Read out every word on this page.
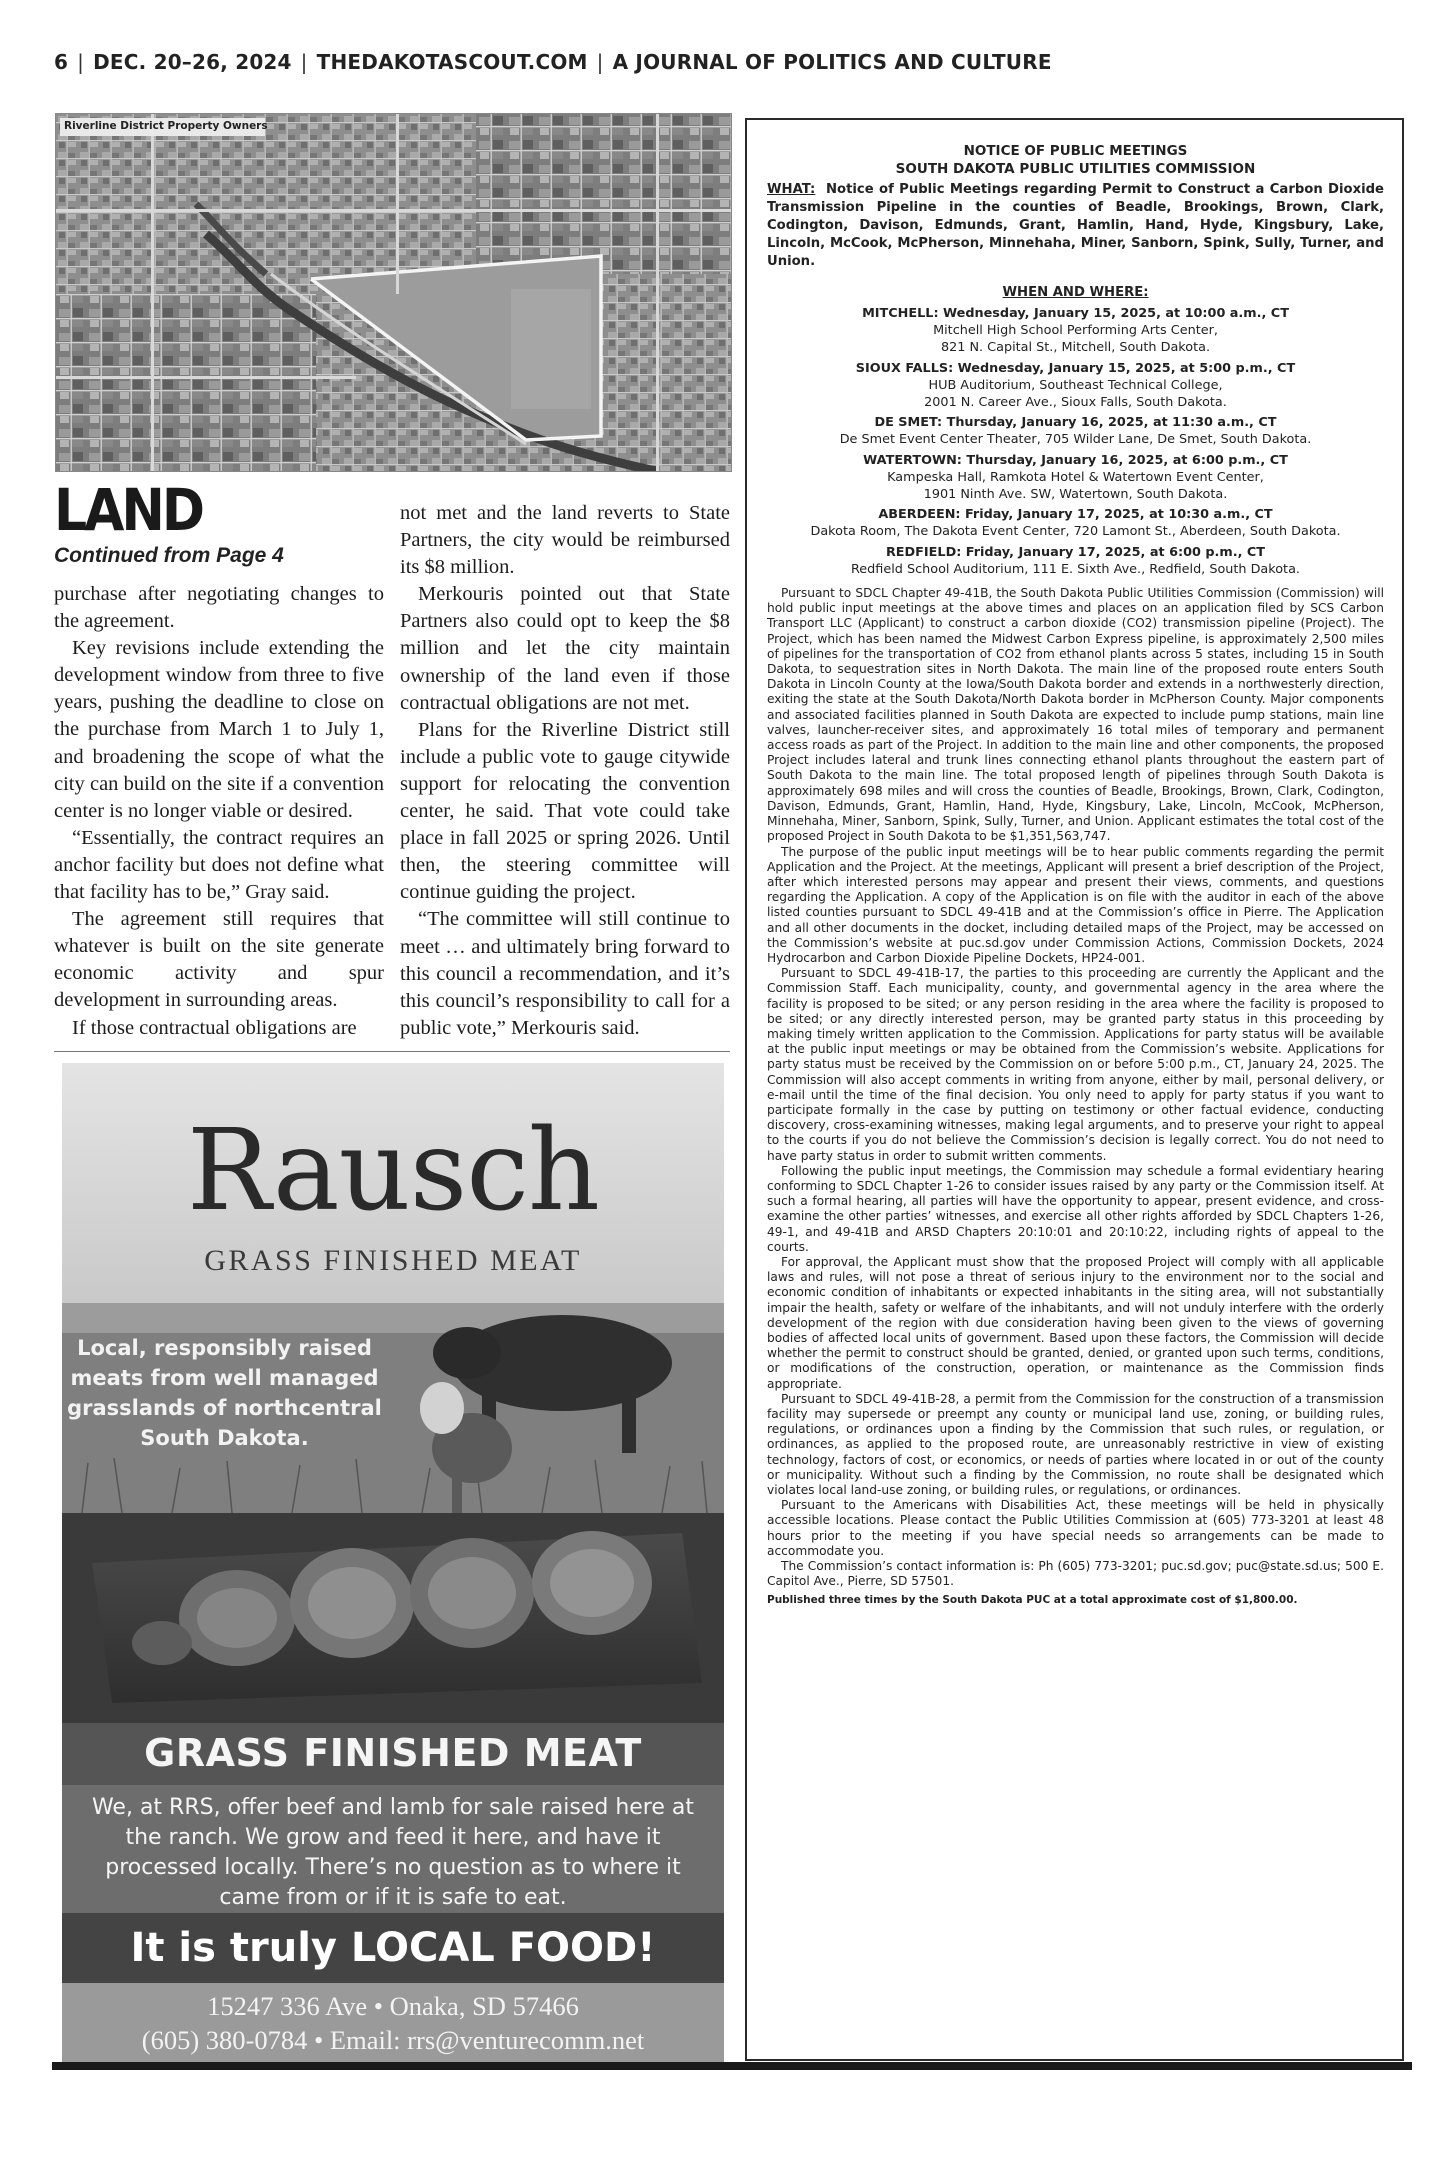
6 | DEC. 20–26, 2024 | THEDAKOTASCOUT.COM | A JOURNAL OF POLITICS AND CULTURE
Riverline District Property Owners
LAND
Continued from Page 4

purchase after negotiating changes to the agreement.

Key revisions include extending the development window from three to five years, pushing the deadline to close on the purchase from March 1 to July 1, and broadening the scope of what the city can build on the site if a convention center is no longer viable or desired.

“Essentially, the contract requires an anchor facility but does not define what that facility has to be,” Gray said.

The agreement still requires that whatever is built on the site generate economic activity and spur development in surrounding areas.

If those contractual obligations are

not met and the land reverts to State Partners, the city would be reimbursed its $8 million.

Merkouris pointed out that State Partners also could opt to keep the $8 million and let the city maintain ownership of the land even if those contractual obligations are not met.

Plans for the Riverline District still include a public vote to gauge citywide support for relocating the convention center, he said. That vote could take place in fall 2025 or spring 2026. Until then, the steering committee will continue guiding the project.

“The committee will still continue to meet … and ultimately bring forward to this council a recommendation, and it’s this council’s responsibility to call for a public vote,” Merkouris said.

Rausch
GRASS FINISHED MEAT
Local, responsibly raised meats from well managed grasslands of northcentral South Dakota.
GRASS FINISHED MEAT
We, at RRS, offer beef and lamb for sale raised here at the ranch. We grow and feed it here, and have it processed locally. There’s no question as to where it came from or if it is safe to eat.
It is truly LOCAL FOOD!
15247 336 Ave • Onaka, SD 57466
(605) 380-0784 • Email: rrs@venturecomm.net
NOTICE OF PUBLIC MEETINGS
SOUTH DAKOTA PUBLIC UTILITIES COMMISSION
WHAT: Notice of Public Meetings regarding Permit to Construct a Carbon Dioxide Transmission Pipeline in the counties of Beadle, Brookings, Brown, Clark, Codington, Davison, Edmunds, Grant, Hamlin, Hand, Hyde, Kingsbury, Lake, Lincoln, McCook, McPherson, Minnehaha, Miner, Sanborn, Spink, Sully, Turner, and Union.
WHEN AND WHERE:
MITCHELL: Wednesday, January 15, 2025, at 10:00 a.m., CT
Mitchell High School Performing Arts Center,
821 N. Capital St., Mitchell, South Dakota.
SIOUX FALLS: Wednesday, January 15, 2025, at 5:00 p.m., CT
HUB Auditorium, Southeast Technical College,
2001 N. Career Ave., Sioux Falls, South Dakota.
DE SMET: Thursday, January 16, 2025, at 11:30 a.m., CT
De Smet Event Center Theater, 705 Wilder Lane, De Smet, South Dakota.
WATERTOWN: Thursday, January 16, 2025, at 6:00 p.m., CT
Kampeska Hall, Ramkota Hotel & Watertown Event Center,
1901 Ninth Ave. SW, Watertown, South Dakota.
ABERDEEN: Friday, January 17, 2025, at 10:30 a.m., CT
Dakota Room, The Dakota Event Center, 720 Lamont St., Aberdeen, South Dakota.
REDFIELD: Friday, January 17, 2025, at 6:00 p.m., CT
Redfield School Auditorium, 111 E. Sixth Ave., Redfield, South Dakota.

Pursuant to SDCL Chapter 49-41B, the South Dakota Public Utilities Commission (Commission) will hold public input meetings at the above times and places on an application filed by SCS Carbon Transport LLC (Applicant) to construct a carbon dioxide (CO2) transmission pipeline (Project). The Project, which has been named the Midwest Carbon Express pipeline, is approximately 2,500 miles of pipelines for the transportation of CO2 from ethanol plants across 5 states, including 15 in South Dakota, to sequestration sites in North Dakota. The main line of the proposed route enters South Dakota in Lincoln County at the Iowa/South Dakota border and extends in a northwesterly direction, exiting the state at the South Dakota/North Dakota border in McPherson County. Major components and associated facilities planned in South Dakota are expected to include pump stations, main line valves, launcher-receiver sites, and approximately 16 total miles of temporary and permanent access roads as part of the Project. In addition to the main line and other components, the proposed Project includes lateral and trunk lines connecting ethanol plants throughout the eastern part of South Dakota to the main line. The total proposed length of pipelines through South Dakota is approximately 698 miles and will cross the counties of Beadle, Brookings, Brown, Clark, Codington, Davison, Edmunds, Grant, Hamlin, Hand, Hyde, Kingsbury, Lake, Lincoln, McCook, McPherson, Minnehaha, Miner, Sanborn, Spink, Sully, Turner, and Union. Applicant estimates the total cost of the proposed Project in South Dakota to be $1,351,563,747.

The purpose of the public input meetings will be to hear public comments regarding the permit Application and the Project. At the meetings, Applicant will present a brief description of the Project, after which interested persons may appear and present their views, comments, and questions regarding the Application. A copy of the Application is on file with the auditor in each of the above listed counties pursuant to SDCL 49-41B and at the Commission’s office in Pierre. The Application and all other documents in the docket, including detailed maps of the Project, may be accessed on the Commission’s website at puc.sd.gov under Commission Actions, Commission Dockets, 2024 Hydrocarbon and Carbon Dioxide Pipeline Dockets, HP24-001.

Pursuant to SDCL 49-41B-17, the parties to this proceeding are currently the Applicant and the Commission Staff. Each municipality, county, and governmental agency in the area where the facility is proposed to be sited; or any person residing in the area where the facility is proposed to be sited; or any directly interested person, may be granted party status in this proceeding by making timely written application to the Commission. Applications for party status will be available at the public input meetings or may be obtained from the Commission’s website. Applications for party status must be received by the Commission on or before 5:00 p.m., CT, January 24, 2025. The Commission will also accept comments in writing from anyone, either by mail, personal delivery, or e-mail until the time of the final decision. You only need to apply for party status if you want to participate formally in the case by putting on testimony or other factual evidence, conducting discovery, cross-examining witnesses, making legal arguments, and to preserve your right to appeal to the courts if you do not believe the Commission’s decision is legally correct. You do not need to have party status in order to submit written comments.

Following the public input meetings, the Commission may schedule a formal evidentiary hearing conforming to SDCL Chapter 1-26 to consider issues raised by any party or the Commission itself. At such a formal hearing, all parties will have the opportunity to appear, present evidence, and cross-examine the other parties’ witnesses, and exercise all other rights afforded by SDCL Chapters 1-26, 49-1, and 49-41B and ARSD Chapters 20:10:01 and 20:10:22, including rights of appeal to the courts.

For approval, the Applicant must show that the proposed Project will comply with all applicable laws and rules, will not pose a threat of serious injury to the environment nor to the social and economic condition of inhabitants or expected inhabitants in the siting area, will not substantially impair the health, safety or welfare of the inhabitants, and will not unduly interfere with the orderly development of the region with due consideration having been given to the views of governing bodies of affected local units of government. Based upon these factors, the Commission will decide whether the permit to construct should be granted, denied, or granted upon such terms, conditions, or modifications of the construction, operation, or maintenance as the Commission finds appropriate.

Pursuant to SDCL 49-41B-28, a permit from the Commission for the construction of a transmission facility may supersede or preempt any county or municipal land use, zoning, or building rules, regulations, or ordinances upon a finding by the Commission that such rules, or regulation, or ordinances, as applied to the proposed route, are unreasonably restrictive in view of existing technology, factors of cost, or economics, or needs of parties where located in or out of the county or municipality. Without such a finding by the Commission, no route shall be designated which violates local land-use zoning, or building rules, or regulations, or ordinances.

Pursuant to the Americans with Disabilities Act, these meetings will be held in physically accessible locations. Please contact the Public Utilities Commission at (605) 773-3201 at least 48 hours prior to the meeting if you have special needs so arrangements can be made to accommodate you.

The Commission’s contact information is: Ph (605) 773-3201; puc.sd.gov; puc@state.sd.us; 500 E. Capitol Ave., Pierre, SD 57501.

Published three times by the South Dakota PUC at a total approximate cost of $1,800.00.
